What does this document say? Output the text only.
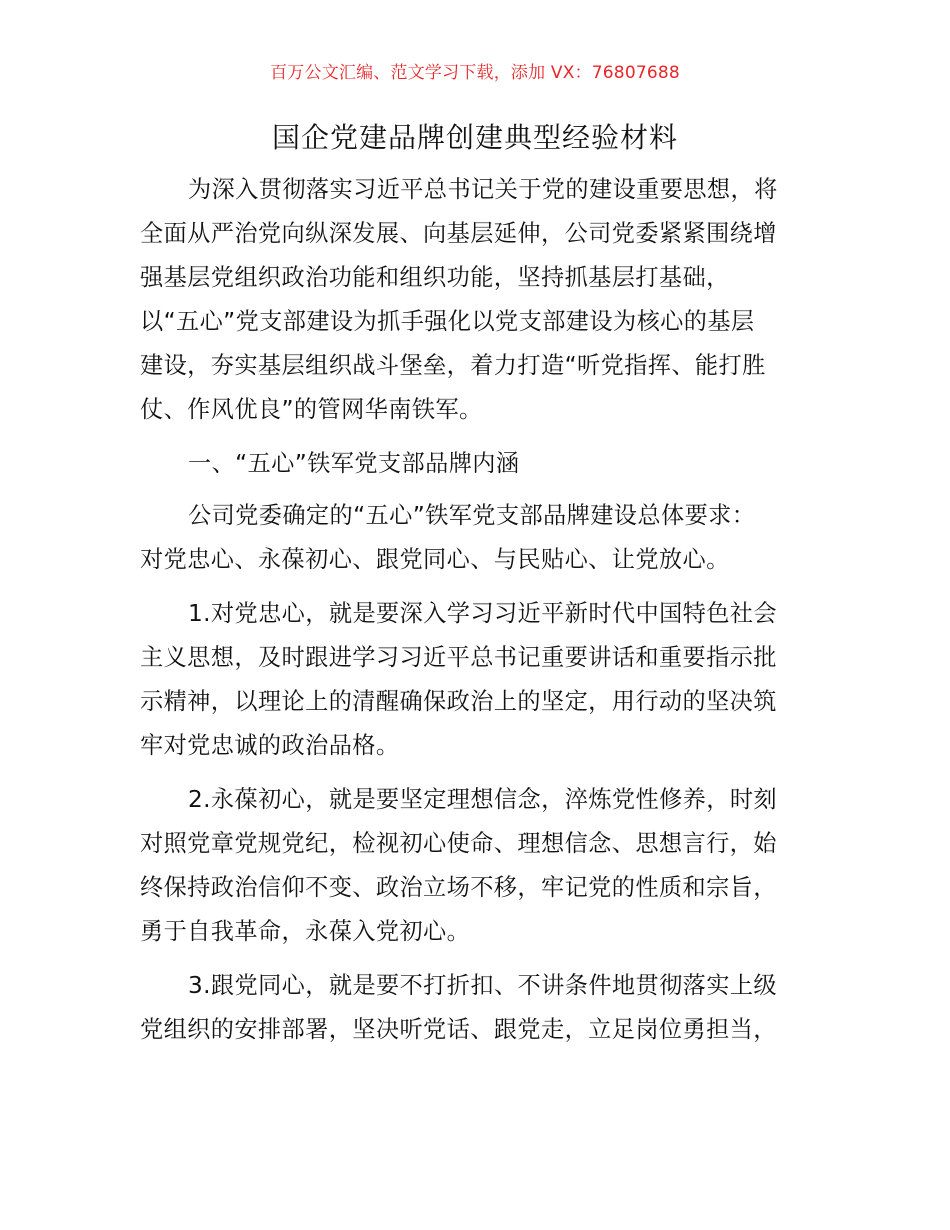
百万公文汇编、范文学习下载，添加 VX：76807688
国企党建品牌创建典型经验材料
为深入贯彻落实习近平总书记关于党的建设重要思想，将
全面从严治党向纵深发展、向基层延伸，公司党委紧紧围绕增
强基层党组织政治功能和组织功能，坚持抓基层打基础，
以“五心”党支部建设为抓手强化以党支部建设为核心的基层
建设，夯实基层组织战斗堡垒，着力打造“听党指挥、能打胜
仗、作风优良”的管网华南铁军。
一、“五心”铁军党支部品牌内涵
公司党委确定的“五心”铁军党支部品牌建设总体要求：
对党忠心、永葆初心、跟党同心、与民贴心、让党放心。
1.对党忠心，就是要深入学习习近平新时代中国特色社会
主义思想，及时跟进学习习近平总书记重要讲话和重要指示批
示精神，以理论上的清醒确保政治上的坚定，用行动的坚决筑
牢对党忠诚的政治品格。
2.永葆初心，就是要坚定理想信念，淬炼党性修养，时刻
对照党章党规党纪，检视初心使命、理想信念、思想言行，始
终保持政治信仰不变、政治立场不移，牢记党的性质和宗旨，
勇于自我革命，永葆入党初心。
3.跟党同心，就是要不打折扣、不讲条件地贯彻落实上级
党组织的安排部署，坚决听党话、跟党走，立足岗位勇担当，
